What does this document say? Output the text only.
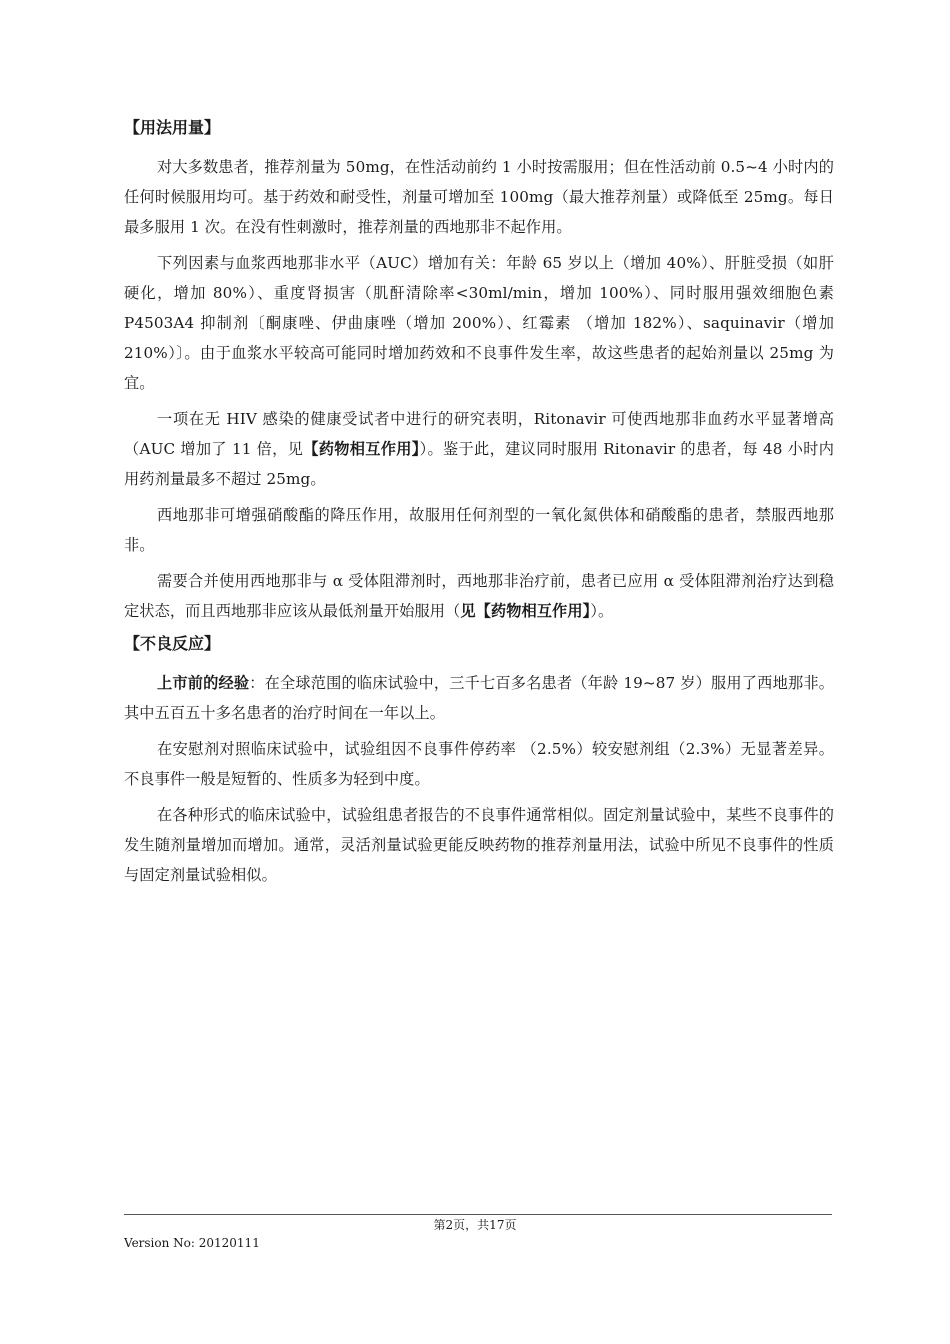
【用法用量】

对大多数患者，推荐剂量为 50mg，在性活动前约 1 小时按需服用；但在性活动前 0.5~4 小时内的任何时候服用均可。基于药效和耐受性，剂量可增加至 100mg（最大推荐剂量）或降低至 25mg。每日最多服用 1 次。在没有性刺激时，推荐剂量的西地那非不起作用。

下列因素与血浆西地那非水平（AUC）增加有关：年龄 65 岁以上（增加 40%）、肝脏受损（如肝硬化，增加 80%）、重度肾损害（肌酐清除率<30ml/min，增加 100%）、同时服用强效细胞色素 P4503A4 抑制剂〔酮康唑、伊曲康唑（增加 200%）、红霉素 （增加 182%）、saquinavir（增加 210%）〕。由于血浆水平较高可能同时增加药效和不良事件发生率，故这些患者的起始剂量以 25mg 为宜。

一项在无 HIV 感染的健康受试者中进行的研究表明，Ritonavir 可使西地那非血药水平显著增高（AUC 增加了 11 倍，见【药物相互作用】）。鉴于此，建议同时服用 Ritonavir 的患者，每 48 小时内用药剂量最多不超过 25mg。

西地那非可增强硝酸酯的降压作用，故服用任何剂型的一氧化氮供体和硝酸酯的患者，禁服西地那非。

需要合并使用西地那非与 α 受体阻滞剂时，西地那非治疗前，患者已应用 α 受体阻滞剂治疗达到稳定状态，而且西地那非应该从最低剂量开始服用（见【药物相互作用】）。

【不良反应】

上市前的经验：在全球范围的临床试验中，三千七百多名患者（年龄 19~87 岁）服用了西地那非。其中五百五十多名患者的治疗时间在一年以上。

在安慰剂对照临床试验中，试验组因不良事件停药率 （2.5%）较安慰剂组（2.3%）无显著差异。不良事件一般是短暂的、性质多为轻到中度。

在各种形式的临床试验中，试验组患者报告的不良事件通常相似。固定剂量试验中，某些不良事件的发生随剂量增加而增加。通常，灵活剂量试验更能反映药物的推荐剂量用法，试验中所见不良事件的性质与固定剂量试验相似。

第2页，共17页
Version No: 20120111
